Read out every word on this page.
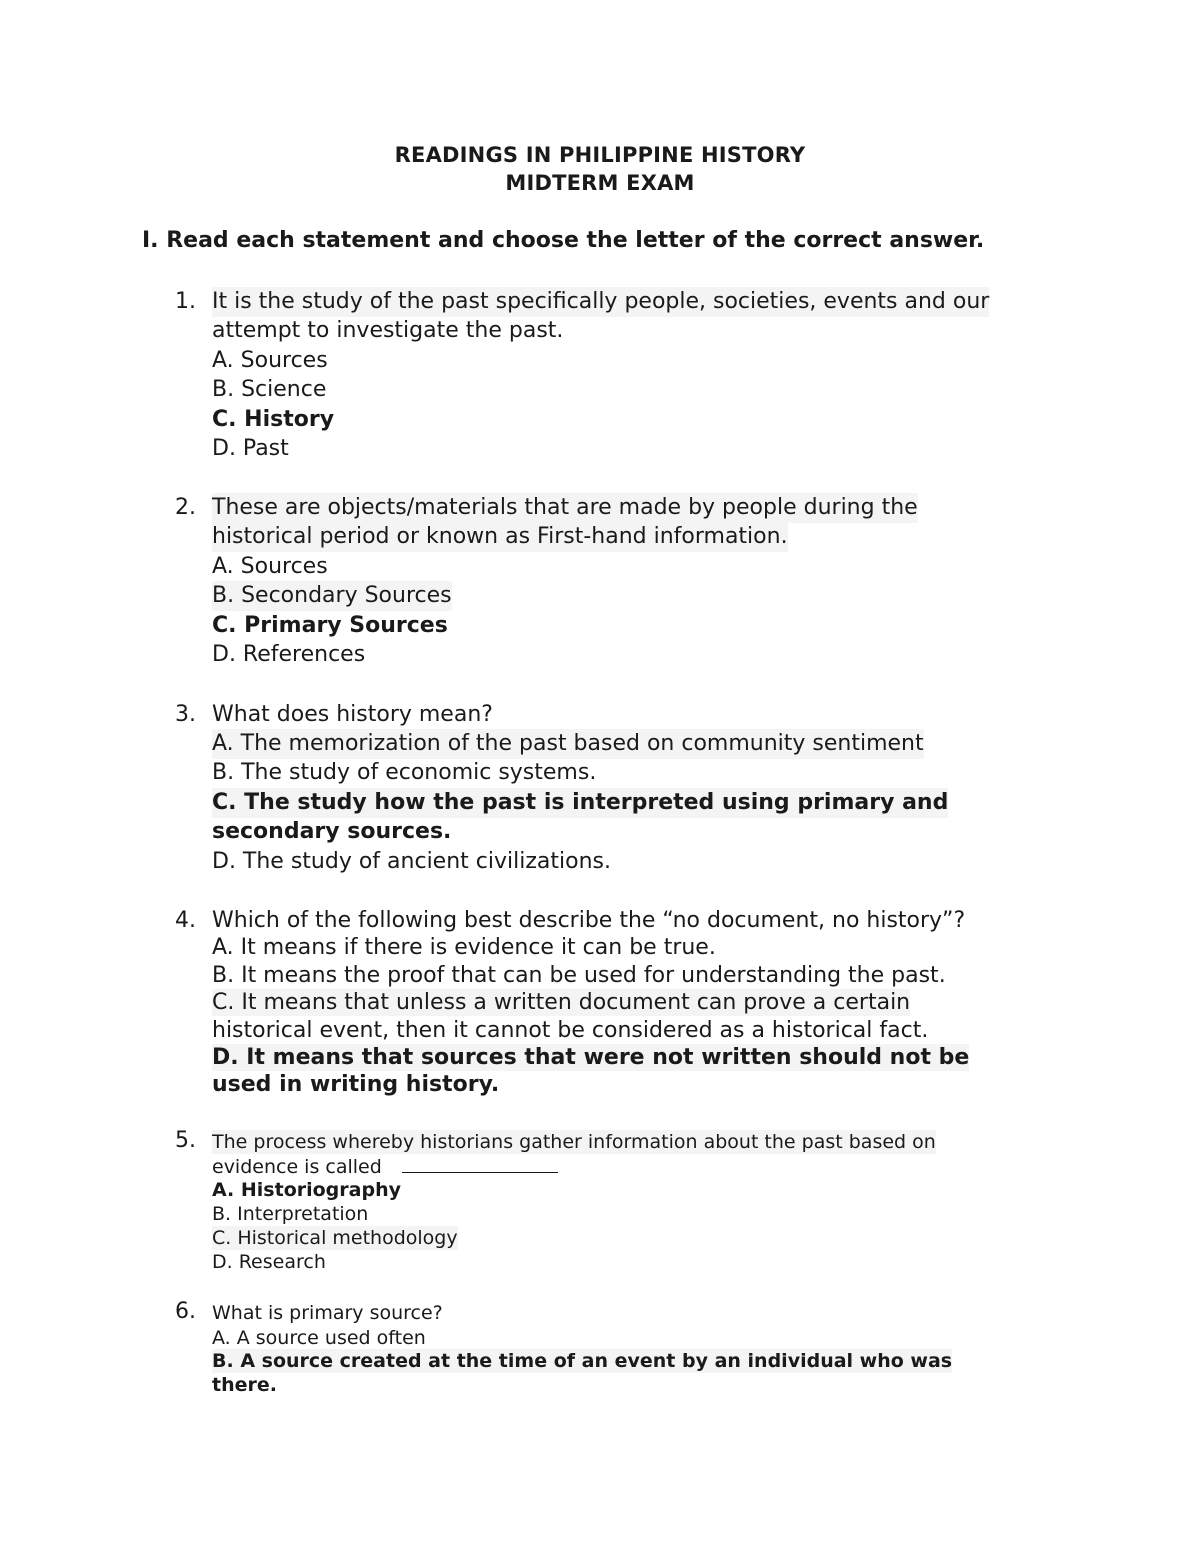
READINGS IN PHILIPPINE HISTORY
MIDTERM EXAM
I. Read each statement and choose the letter of the correct answer.
1. It is the study of the past specifically people, societies, events and our
attempt to investigate the past.
A. Sources
B. Science
C. History
D. Past
2. These are objects/materials that are made by people during the
historical period or known as First-hand information.
A. Sources
B. Secondary Sources
C. Primary Sources
D. References
3. What does history mean?
A. The memorization of the past based on community sentiment
B. The study of economic systems.
C. The study how the past is interpreted using primary and
secondary sources.
D. The study of ancient civilizations.
4. Which of the following best describe the “no document, no history”?
A. It means if there is evidence it can be true.
B. It means the proof that can be used for understanding the past.
C. It means that unless a written document can prove a certain
historical event, then it cannot be considered as a historical fact.
D. It means that sources that were not written should not be
used in writing history.
5. The process whereby historians gather information about the past based on
evidence is called
A. Historiography
B. Interpretation
C. Historical methodology
D. Research
6. What is primary source?
A. A source used often
B. A source created at the time of an event by an individual who was
there.
